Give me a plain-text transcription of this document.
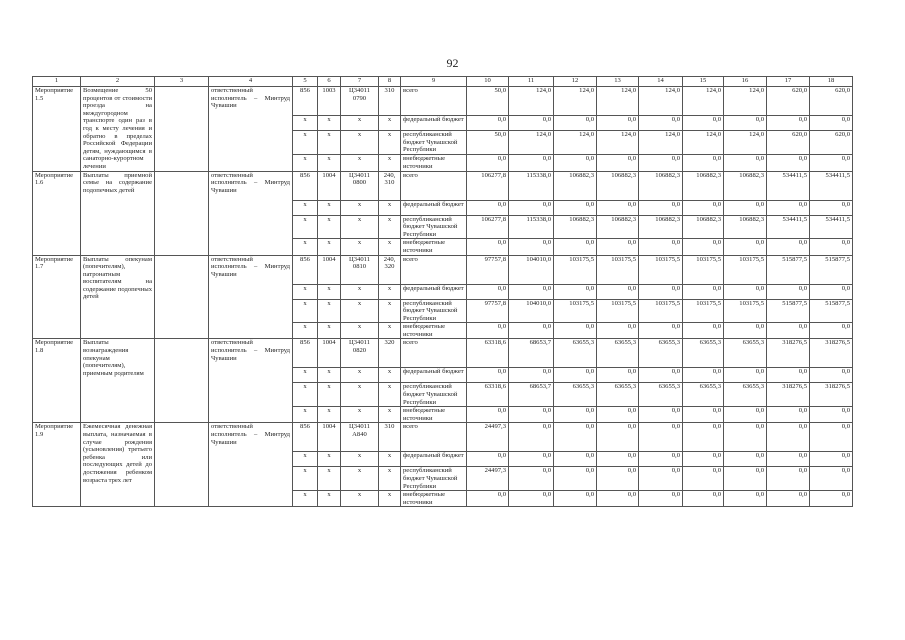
92
1	2	3	4	5	6	7	8	9	10	11	12	13	14	15	16	17	18
Мероприятие 1.5	Возмещение 50 процентов от стоимости проезда на междугородном транспорте один раз в год к месту лечения и обратно в пределах Российской Федерации детям, нуждающимся в санаторно-курортном лечении		ответственный исполнитель – Минтруд Чувашии	856	1003	Ц34011 0790	310	всего	50,0	124,0	124,0	124,0	124,0	124,0	124,0	620,0	620,0
				x	x	x	x	федеральный бюджет	0,0	0,0	0,0	0,0	0,0	0,0	0,0	0,0	0,0
				x	x	x	x	республиканский бюджет Чувашской Республики	50,0	124,0	124,0	124,0	124,0	124,0	124,0	620,0	620,0
				x	x	x	x	внебюджетные источники	0,0	0,0	0,0	0,0	0,0	0,0	0,0	0,0	0,0
Мероприятие 1.6	Выплаты приемной семье на содержание подопечных детей		ответственный исполнитель – Минтруд Чувашии	856	1004	Ц34011 0800	240, 310	всего	106277,8	115338,0	106882,3	106882,3	106882,3	106882,3	106882,3	534411,5	534411,5
				x	x	x	x	федеральный бюджет	0,0	0,0	0,0	0,0	0,0	0,0	0,0	0,0	0,0
				x	x	x	x	республиканский бюджет Чувашской Республики	106277,8	115338,0	106882,3	106882,3	106882,3	106882,3	106882,3	534411,5	534411,5
				x	x	x	x	внебюджетные источники	0,0	0,0	0,0	0,0	0,0	0,0	0,0	0,0	0,0
Мероприятие 1.7	Выплаты опекунам (попечителям), патронатным воспитателям на содержание подопечных детей		ответственный исполнитель – Минтруд Чувашии	856	1004	Ц34011 0810	240, 320	всего	97757,8	104010,0	103175,5	103175,5	103175,5	103175,5	103175,5	515877,5	515877,5
				x	x	x	x	федеральный бюджет	0,0	0,0	0,0	0,0	0,0	0,0	0,0	0,0	0,0
				x	x	x	x	республиканский бюджет Чувашской Республики	97757,8	104010,0	103175,5	103175,5	103175,5	103175,5	103175,5	515877,5	515877,5
				x	x	x	x	внебюджетные источники	0,0	0,0	0,0	0,0	0,0	0,0	0,0	0,0	0,0
Мероприятие 1.8	Выплаты вознаграждения опекунам (попечителям), приемным родителям		ответственный исполнитель – Минтруд Чувашии	856	1004	Ц34011 0820	320	всего	63318,6	68653,7	63655,3	63655,3	63655,3	63655,3	63655,3	318276,5	318276,5
				x	x	x	x	федеральный бюджет	0,0	0,0	0,0	0,0	0,0	0,0	0,0	0,0	0,0
				x	x	x	x	республиканский бюджет Чувашской Республики	63318,6	68653,7	63655,3	63655,3	63655,3	63655,3	63655,3	318276,5	318276,5
				x	x	x	x	внебюджетные источники	0,0	0,0	0,0	0,0	0,0	0,0	0,0	0,0	0,0
Мероприятие 1.9	Ежемесячная денежная выплата, назначаемая в случае рождения (усыновления) третьего ребенка или последующих детей до достижения ребенком возраста трех лет		ответственный исполнитель – Минтруд Чувашии	856	1004	Ц34011 А840	310	всего	24497,3	0,0	0,0	0,0	0,0	0,0	0,0	0,0	0,0
				x	x	x	x	федеральный бюджет	0,0	0,0	0,0	0,0	0,0	0,0	0,0	0,0	0,0
				x	x	x	x	республиканский бюджет Чувашской Республики	24497,3	0,0	0,0	0,0	0,0	0,0	0,0	0,0	0,0
				x	x	x	x	внебюджетные источники	0,0	0,0	0,0	0,0	0,0	0,0	0,0	0,0	0,0
